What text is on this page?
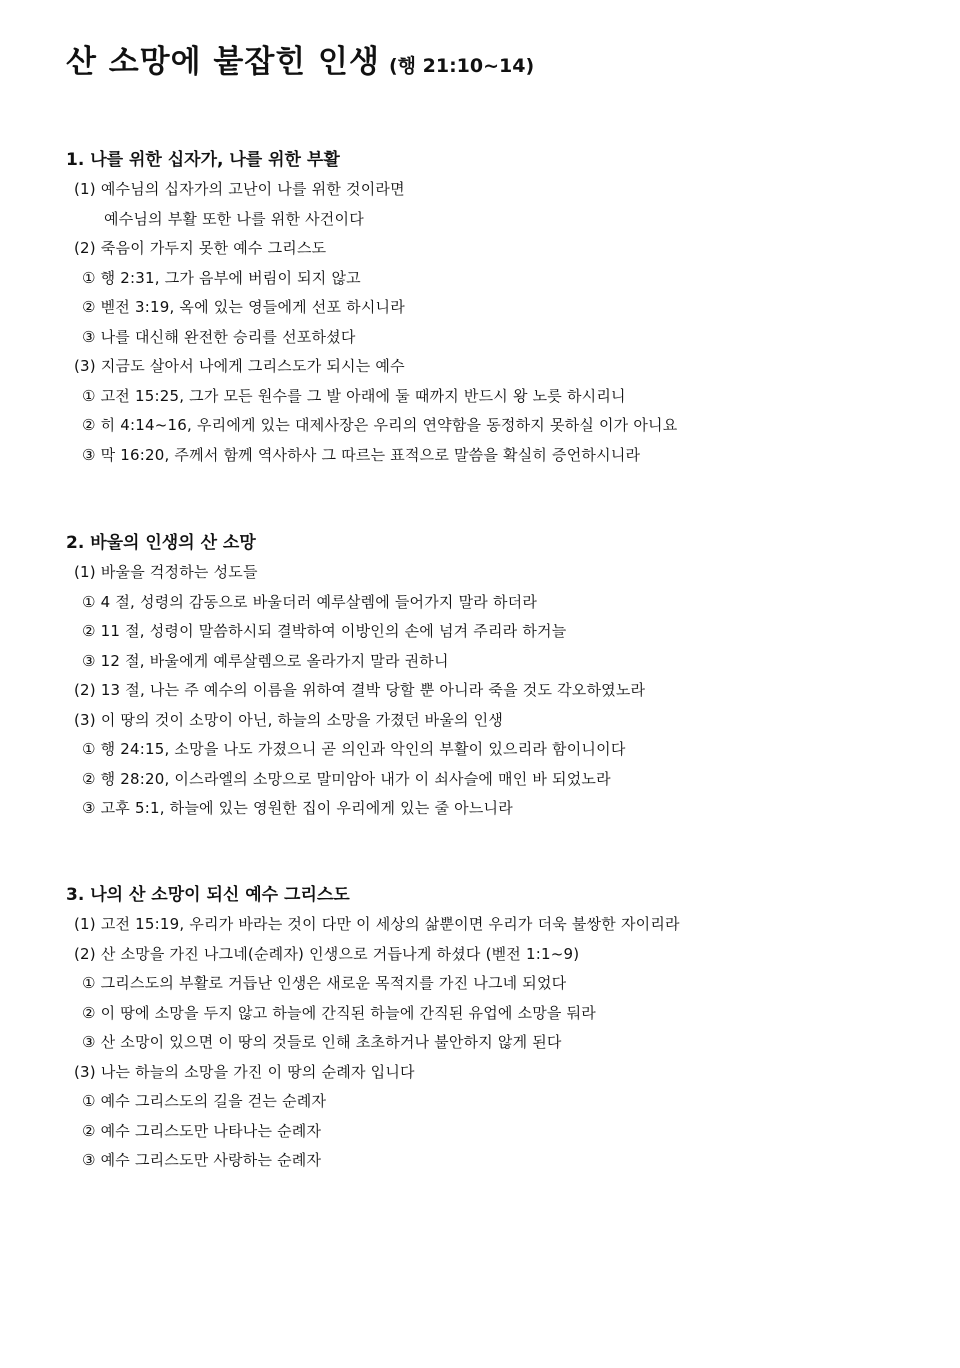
산 소망에 붙잡힌 인생 (행 21:10~14)
1. 나를 위한 십자가, 나를 위한 부활
(1) 예수님의 십자가의 고난이 나를 위한 것이라면
예수님의 부활 또한 나를 위한 사건이다
(2) 죽음이 가두지 못한 예수 그리스도
① 행 2:31, 그가 음부에 버림이 되지 않고
② 벧전 3:19, 옥에 있는 영들에게 선포 하시니라
③ 나를 대신해 완전한 승리를 선포하셨다
(3) 지금도 살아서 나에게 그리스도가 되시는 예수
① 고전 15:25, 그가 모든 원수를 그 발 아래에 둘 때까지 반드시 왕 노릇 하시리니
② 히 4:14~16, 우리에게 있는 대제사장은 우리의 연약함을 동정하지 못하실 이가 아니요
③ 막 16:20, 주께서 함께 역사하사 그 따르는 표적으로 말씀을 확실히 증언하시니라
2. 바울의 인생의 산 소망
(1) 바울을 걱정하는 성도들
① 4 절, 성령의 감동으로 바울더러 예루살렘에 들어가지 말라 하더라
② 11 절, 성령이 말씀하시되 결박하여 이방인의 손에 넘겨 주리라 하거늘
③ 12 절, 바울에게 예루살렘으로 올라가지 말라 권하니
(2) 13 절, 나는 주 예수의 이름을 위하여 결박 당할 뿐 아니라 죽을 것도 각오하였노라
(3) 이 땅의 것이 소망이 아닌, 하늘의 소망을 가졌던 바울의 인생
① 행 24:15, 소망을 나도 가졌으니 곧 의인과 악인의 부활이 있으리라 함이니이다
② 행 28:20, 이스라엘의 소망으로 말미암아 내가 이 쇠사슬에 매인 바 되었노라
③ 고후 5:1, 하늘에 있는 영원한 집이 우리에게 있는 줄 아느니라
3. 나의 산 소망이 되신 예수 그리스도
(1) 고전 15:19, 우리가 바라는 것이 다만 이 세상의 삶뿐이면 우리가 더욱 불쌍한 자이리라
(2) 산 소망을 가진 나그네(순례자) 인생으로 거듭나게 하셨다 (벧전 1:1~9)
① 그리스도의 부활로 거듭난 인생은 새로운 목적지를 가진 나그네 되었다
② 이 땅에 소망을 두지 않고 하늘에 간직된 하늘에 간직된 유업에 소망을 둬라
③ 산 소망이 있으면 이 땅의 것들로 인해 초초하거나 불안하지 않게 된다
(3) 나는 하늘의 소망을 가진 이 땅의 순례자 입니다
① 예수 그리스도의 길을 걷는 순례자
② 예수 그리스도만 나타나는 순례자
③ 예수 그리스도만 사랑하는 순례자
